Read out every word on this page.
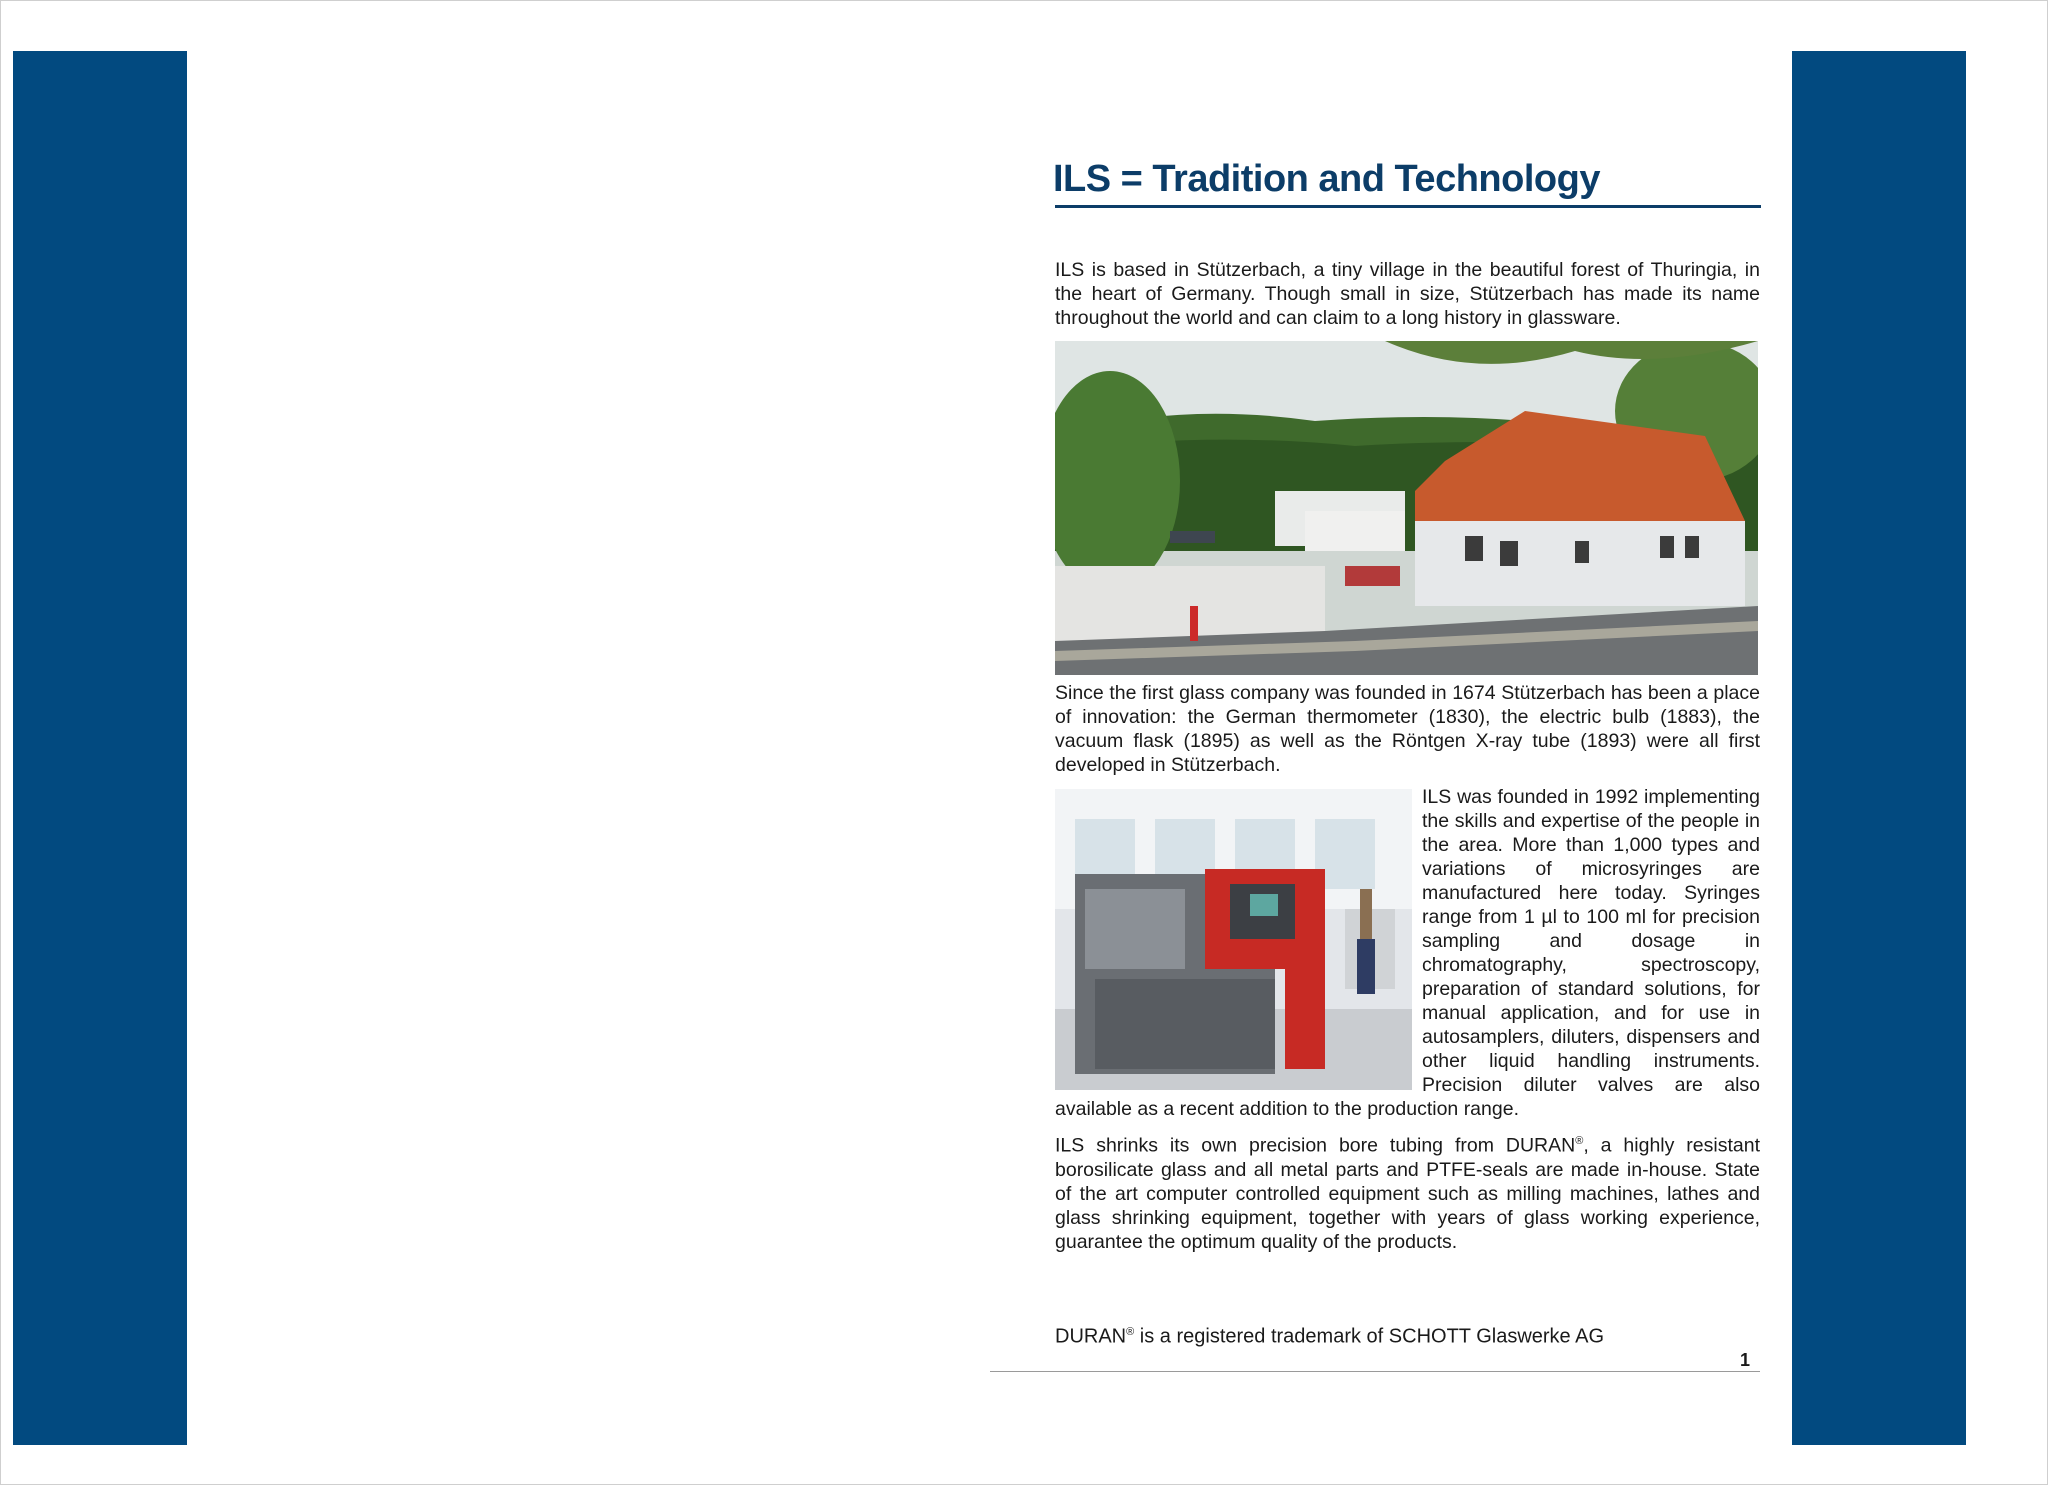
ILS = Tradition and Technology

ILS is based in Stützerbach, a tiny village in the beautiful forest of Thuringia, in the heart of Germany. Though small in size, Stützerbach has made its name throughout the world and can claim to a long history in glassware.

Since the first glass company was founded in 1674 Stützerbach has been a place of innovation: the German thermometer (1830), the electric bulb (1883), the vacuum flask (1895) as well as the Röntgen X-ray tube (1893) were all first developed in Stützerbach.

ILS was founded in 1992 implementing the skills and expertise of the people in the area. More than 1,000 types and variations of microsyringes are manufactured here today. Syringes range from 1 µl to 100 ml for precision sampling and dosage in chromatography, spectroscopy, preparation of standard solutions, for manual application, and for use in autosamplers, diluters, dispensers and other liquid handling instruments. Precision diluter valves are also available as a recent addition to the production range.

ILS shrinks its own precision bore tubing from DURAN®, a highly resistant borosilicate glass and all metal parts and PTFE-seals are made in-house. State of the art computer controlled equipment such as milling machines, lathes and glass shrinking equipment, together with years of glass working experience, guarantee the optimum quality of the products.

DURAN® is a registered trademark of SCHOTT Glaswerke AG
1
